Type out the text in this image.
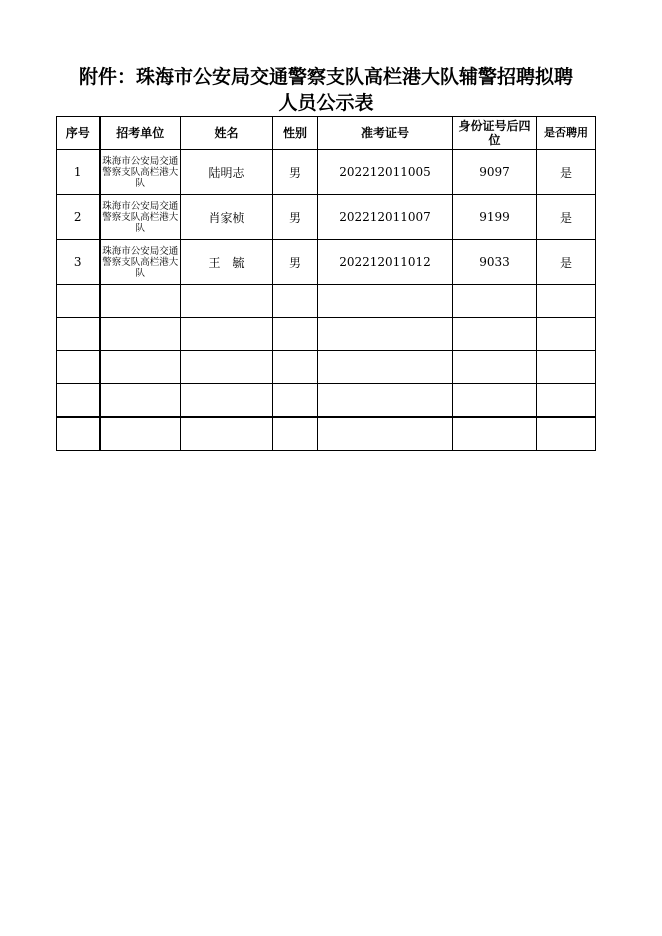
附件：珠海市公安局交通警察支队高栏港大队辅警招聘拟聘
人员公示表
序号	招考单位	姓名	性别	准考证号	身份证号后四位	是否聘用
1	珠海市公安局交通警察支队高栏港大队	陆明志	男	202212011005	9097	是
2	珠海市公安局交通警察支队高栏港大队	肖家桢	男	202212011007	9199	是
3	珠海市公安局交通警察支队高栏港大队	王　毓	男	202212011012	9033	是
